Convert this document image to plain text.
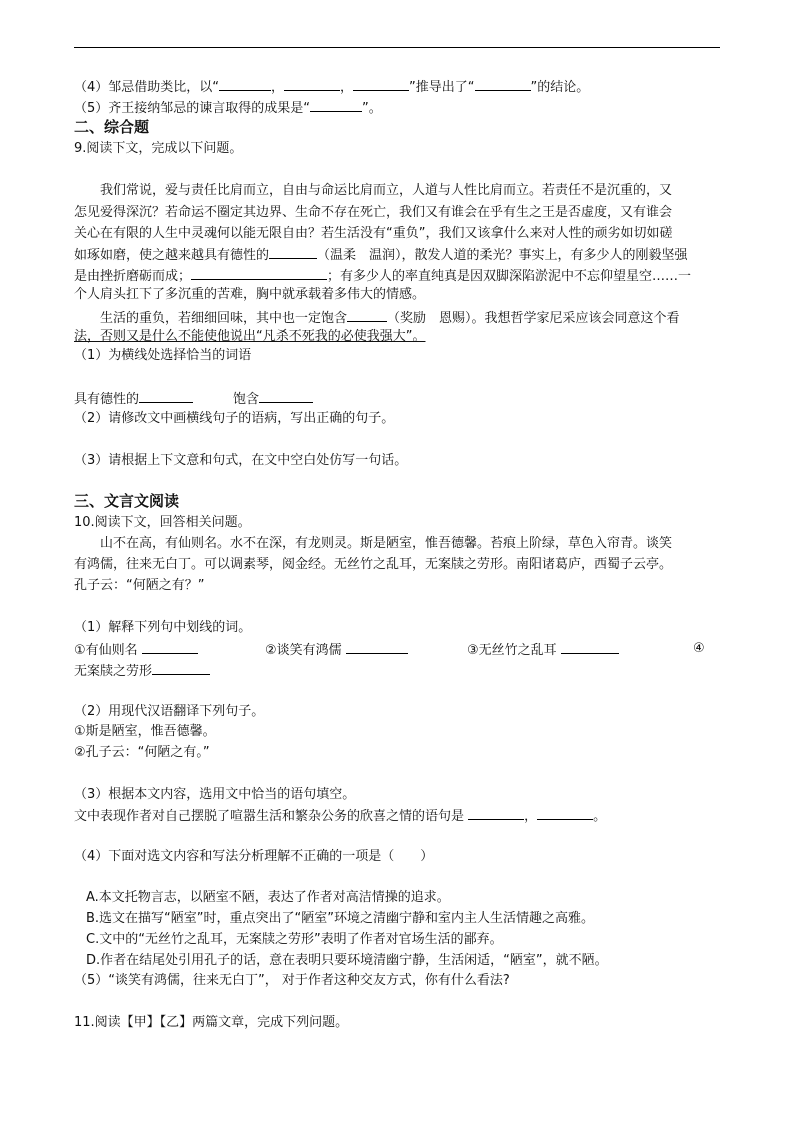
（4）邹忌借助类比，以“	，	，	”推导出了“	”的结论。
（5）齐王接纳邹忌的谏言取得的成果是“	”。
二、综合题
9.阅读下文，完成以下问题。
我们常说，爱与责任比肩而立，自由与命运比肩而立，人道与人性比肩而立。若责任不是沉重的，又
怎见爱得深沉？若命运不圈定其边界、生命不存在死亡，我们又有谁会在乎有生之王是否虚度，又有谁会
关心在有限的人生中灵魂何以能无限自由？若生活没有“重负”，我们又该拿什么来对人性的顽劣如切如磋
如琢如磨，使之越来越具有德性的	（温柔　温润），散发人道的柔光？事实上，有多少人的刚毅坚强
是由挫折磨砺而成；	；有多少人的率直纯真是因双脚深陷淤泥中不忘仰望星空……一
个人肩头扛下了多沉重的苦难，胸中就承载着多伟大的情感。
生活的重负，若细细回味，其中也一定饱含	（奖励　恩赐）。我想哲学家尼采应该会同意这个看
法，否则又是什么不能使他说出“凡杀不死我的必使我强大”。
（1）为横线处选择恰当的词语
具有德性的	饱含
（2）请修改文中画横线句子的语病，写出正确的句子。
（3）请根据上下文意和句式，在文中空白处仿写一句话。
三、文言文阅读
10.阅读下文，回答相关问题。
山不在高，有仙则名。水不在深，有龙则灵。斯是陋室，惟吾德馨。苔痕上阶绿，草色入帘青。谈笑
有鸿儒，往来无白丁。可以调素琴，阅金经。无丝竹之乱耳，无案牍之劳形。南阳诸葛庐，西蜀子云亭。
孔子云：“何陋之有？”
（1）解释下列句中划线的词。
①有仙则名	②谈笑有鸿儒	③无丝竹之乱耳	④
无案牍之劳形
（2）用现代汉语翻译下列句子。
①斯是陋室，惟吾德馨。
②孔子云：“何陋之有。”
（3）根据本文内容，选用文中恰当的语句填空。
文中表现作者对自己摆脱了喧嚣生活和繁杂公务的欣喜之情的语句是	，	。
（4）下面对选文内容和写法分析理解不正确的一项是（　　）
A.本文托物言志，以陋室不陋，表达了作者对高洁情操的追求。
B.选文在描写“陋室”时，重点突出了“陋室”环境之清幽宁静和室内主人生活情趣之高雅。
C.文中的“无丝竹之乱耳，无案牍之劳形”表明了作者对官场生活的鄙弃。
D.作者在结尾处引用孔子的话，意在表明只要环境清幽宁静，生活闲适，“陋室”，就不陋。
（5）“谈笑有鸿儒，往来无白丁”， 对于作者这种交友方式，你有什么看法?
11.阅读【甲】【乙】两篇文章，完成下列问题。
